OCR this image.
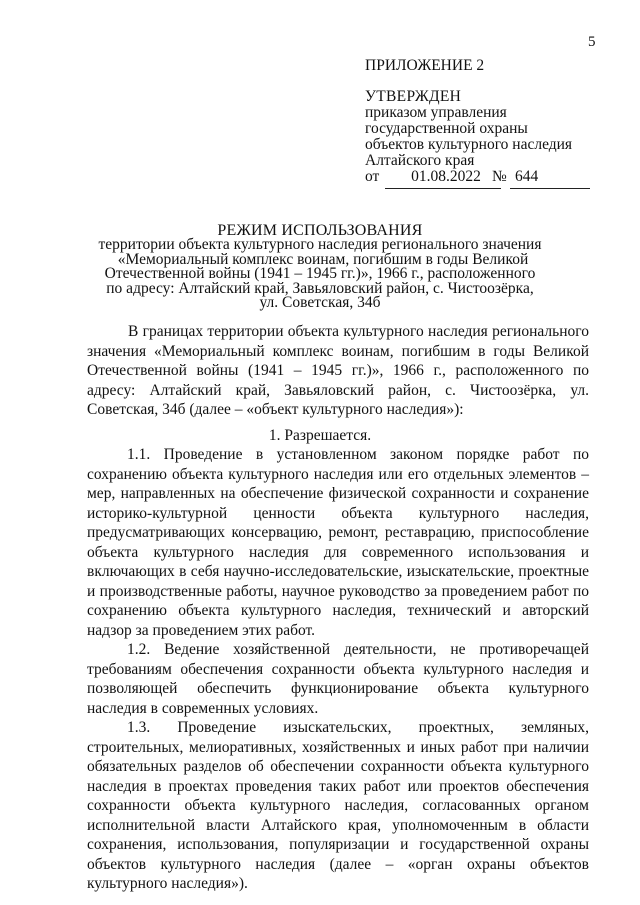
5
ПРИЛОЖЕНИЕ 2
УТВЕРЖДЕН
приказом управления
государственной охраны
объектов культурного наследия
Алтайского края
от	01.08.2022 № 644
РЕЖИМ ИСПОЛЬЗОВАНИЯ
территории объекта культурного наследия регионального значения
«Мемориальный комплекс воинам, погибшим в годы Великой
Отечественной войны (1941 – 1945 гг.)», 1966 г., расположенного
по адресу: Алтайский край, Завьяловский район, с. Чистоозёрка,
ул. Советская, 34б
В границах территории объекта культурного наследия регионального значения «Мемориальный комплекс воинам, погибшим в годы Великой Отечественной войны (1941 – 1945 гг.)», 1966 г., расположенного по адресу: Алтайский край, Завьяловский район, с. Чистоозёрка, ул. Советская, 34б (далее – «объект культурного наследия»):
1. Разрешается.
1.1. Проведение в установленном законом порядке работ по сохранению объекта культурного наследия или его отдельных элементов – мер, направленных на обеспечение физической сохранности и сохранение историко-культурной ценности объекта культурного наследия, предусматривающих консервацию, ремонт, реставрацию, приспособление объекта культурного наследия для современного использования и включающих в себя научно-исследовательские, изыскательские, проектные и производственные работы, научное руководство за проведением работ по сохранению объекта культурного наследия, технический и авторский надзор за проведением этих работ.
1.2. Ведение хозяйственной деятельности, не противоречащей требованиям обеспечения сохранности объекта культурного наследия и позволяющей обеспечить функционирование объекта культурного наследия в современных условиях.
1.3. Проведение изыскательских, проектных, земляных, строительных, мелиоративных, хозяйственных и иных работ при наличии обязательных разделов об обеспечении сохранности объекта культурного наследия в проектах проведения таких работ или проектов обеспечения сохранности объекта культурного наследия, согласованных органом исполнительной власти Алтайского края, уполномоченным в области сохранения, использования, популяризации и государственной охраны объектов культурного наследия (далее – «орган охраны объектов культурного наследия»).
